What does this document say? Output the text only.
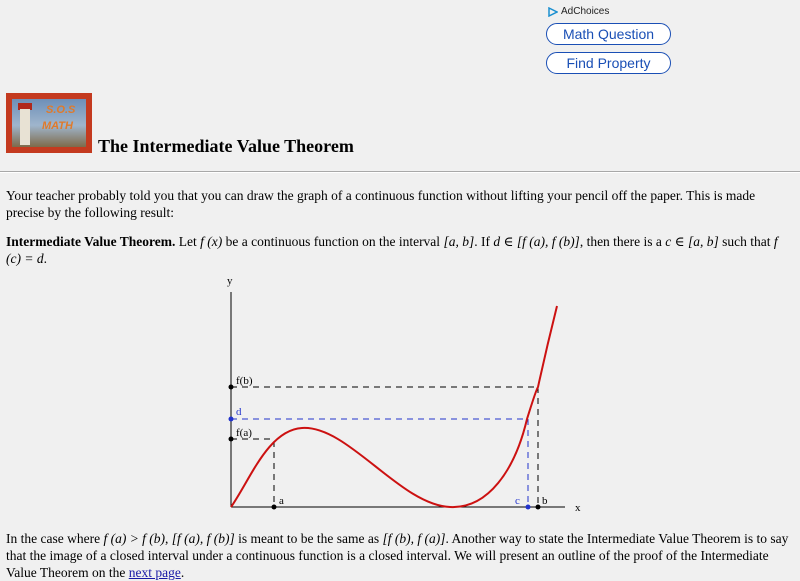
AdChoices
Math Question
Find Property
S.O.S
MATH
The Intermediate Value Theorem

Your teacher probably told you that you can draw the graph of a continuous function without lifting your pencil off the paper. This is made precise by the following result:

Intermediate Value Theorem. Let f (x) be a continuous function on the interval [a, b]. If d ∈ [f (a), f (b)], then there is a c ∈ [a, b] such that f (c) = d.

y
x
f(b)
d
f(a)
a	c b

In the case where f (a) > f (b), [f (a), f (b)] is meant to be the same as [f (b), f (a)]. Another way to state the Intermediate Value Theorem is to say that the image of a closed interval under a continuous function is a closed interval. We will present an outline of the proof of the Intermediate Value Theorem on the next page.
